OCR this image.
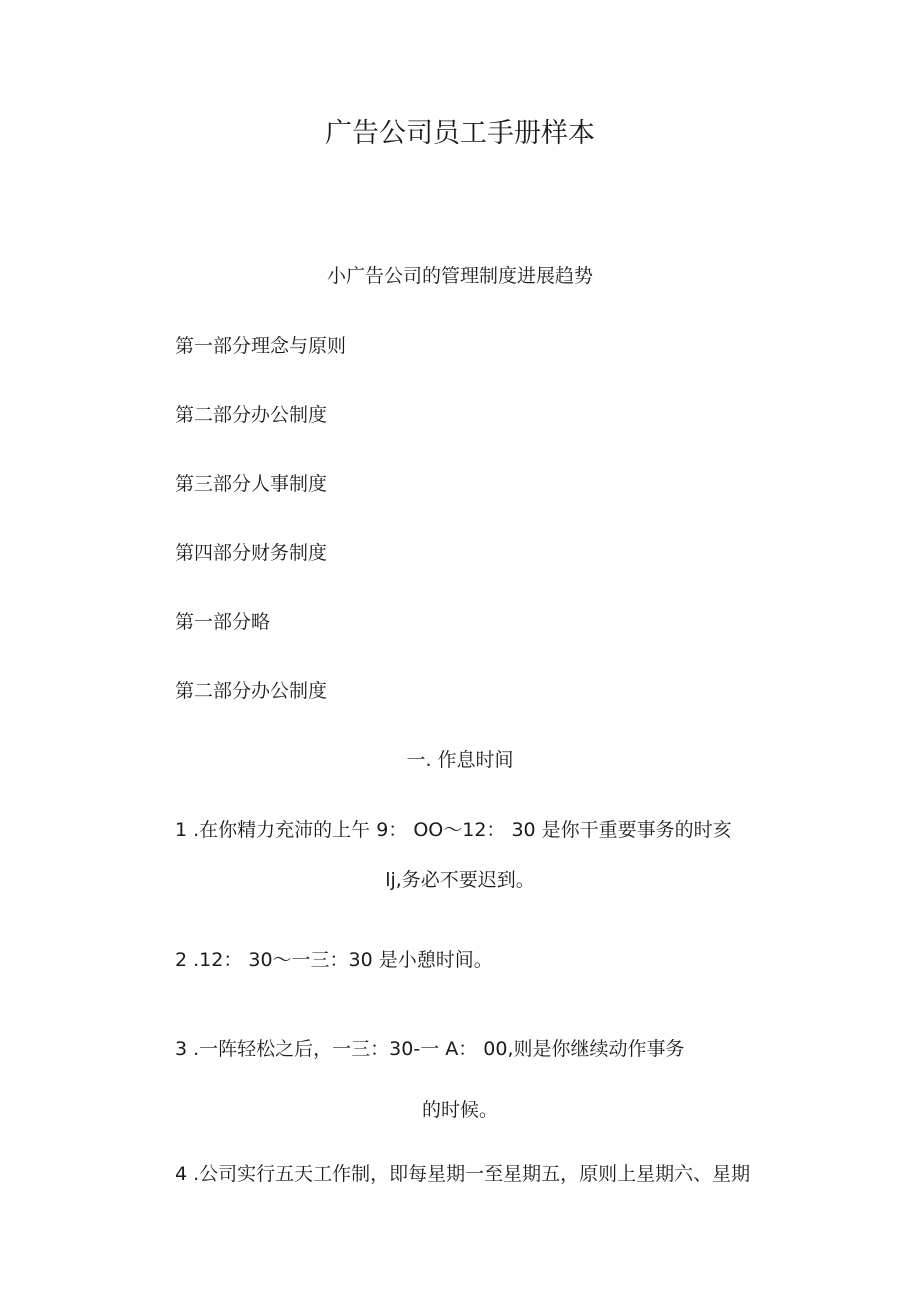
广告公司员工手册样本
小广告公司的管理制度进展趋势
第一部分理念与原则
第二部分办公制度
第三部分人事制度
第四部分财务制度
第一部分略
第二部分办公制度
一. 作息时间
1 .在你精力充沛的上午 9： OO～12： 30 是你干重要事务的时亥
lj,务必不要迟到。
2 .12： 30～一三：30 是小憩时间。
3 .一阵轻松之后，一三：30-一 A： 00,则是你继续动作事务
的时候。
4 .公司实行五天工作制，即每星期一至星期五，原则上星期六、星期
